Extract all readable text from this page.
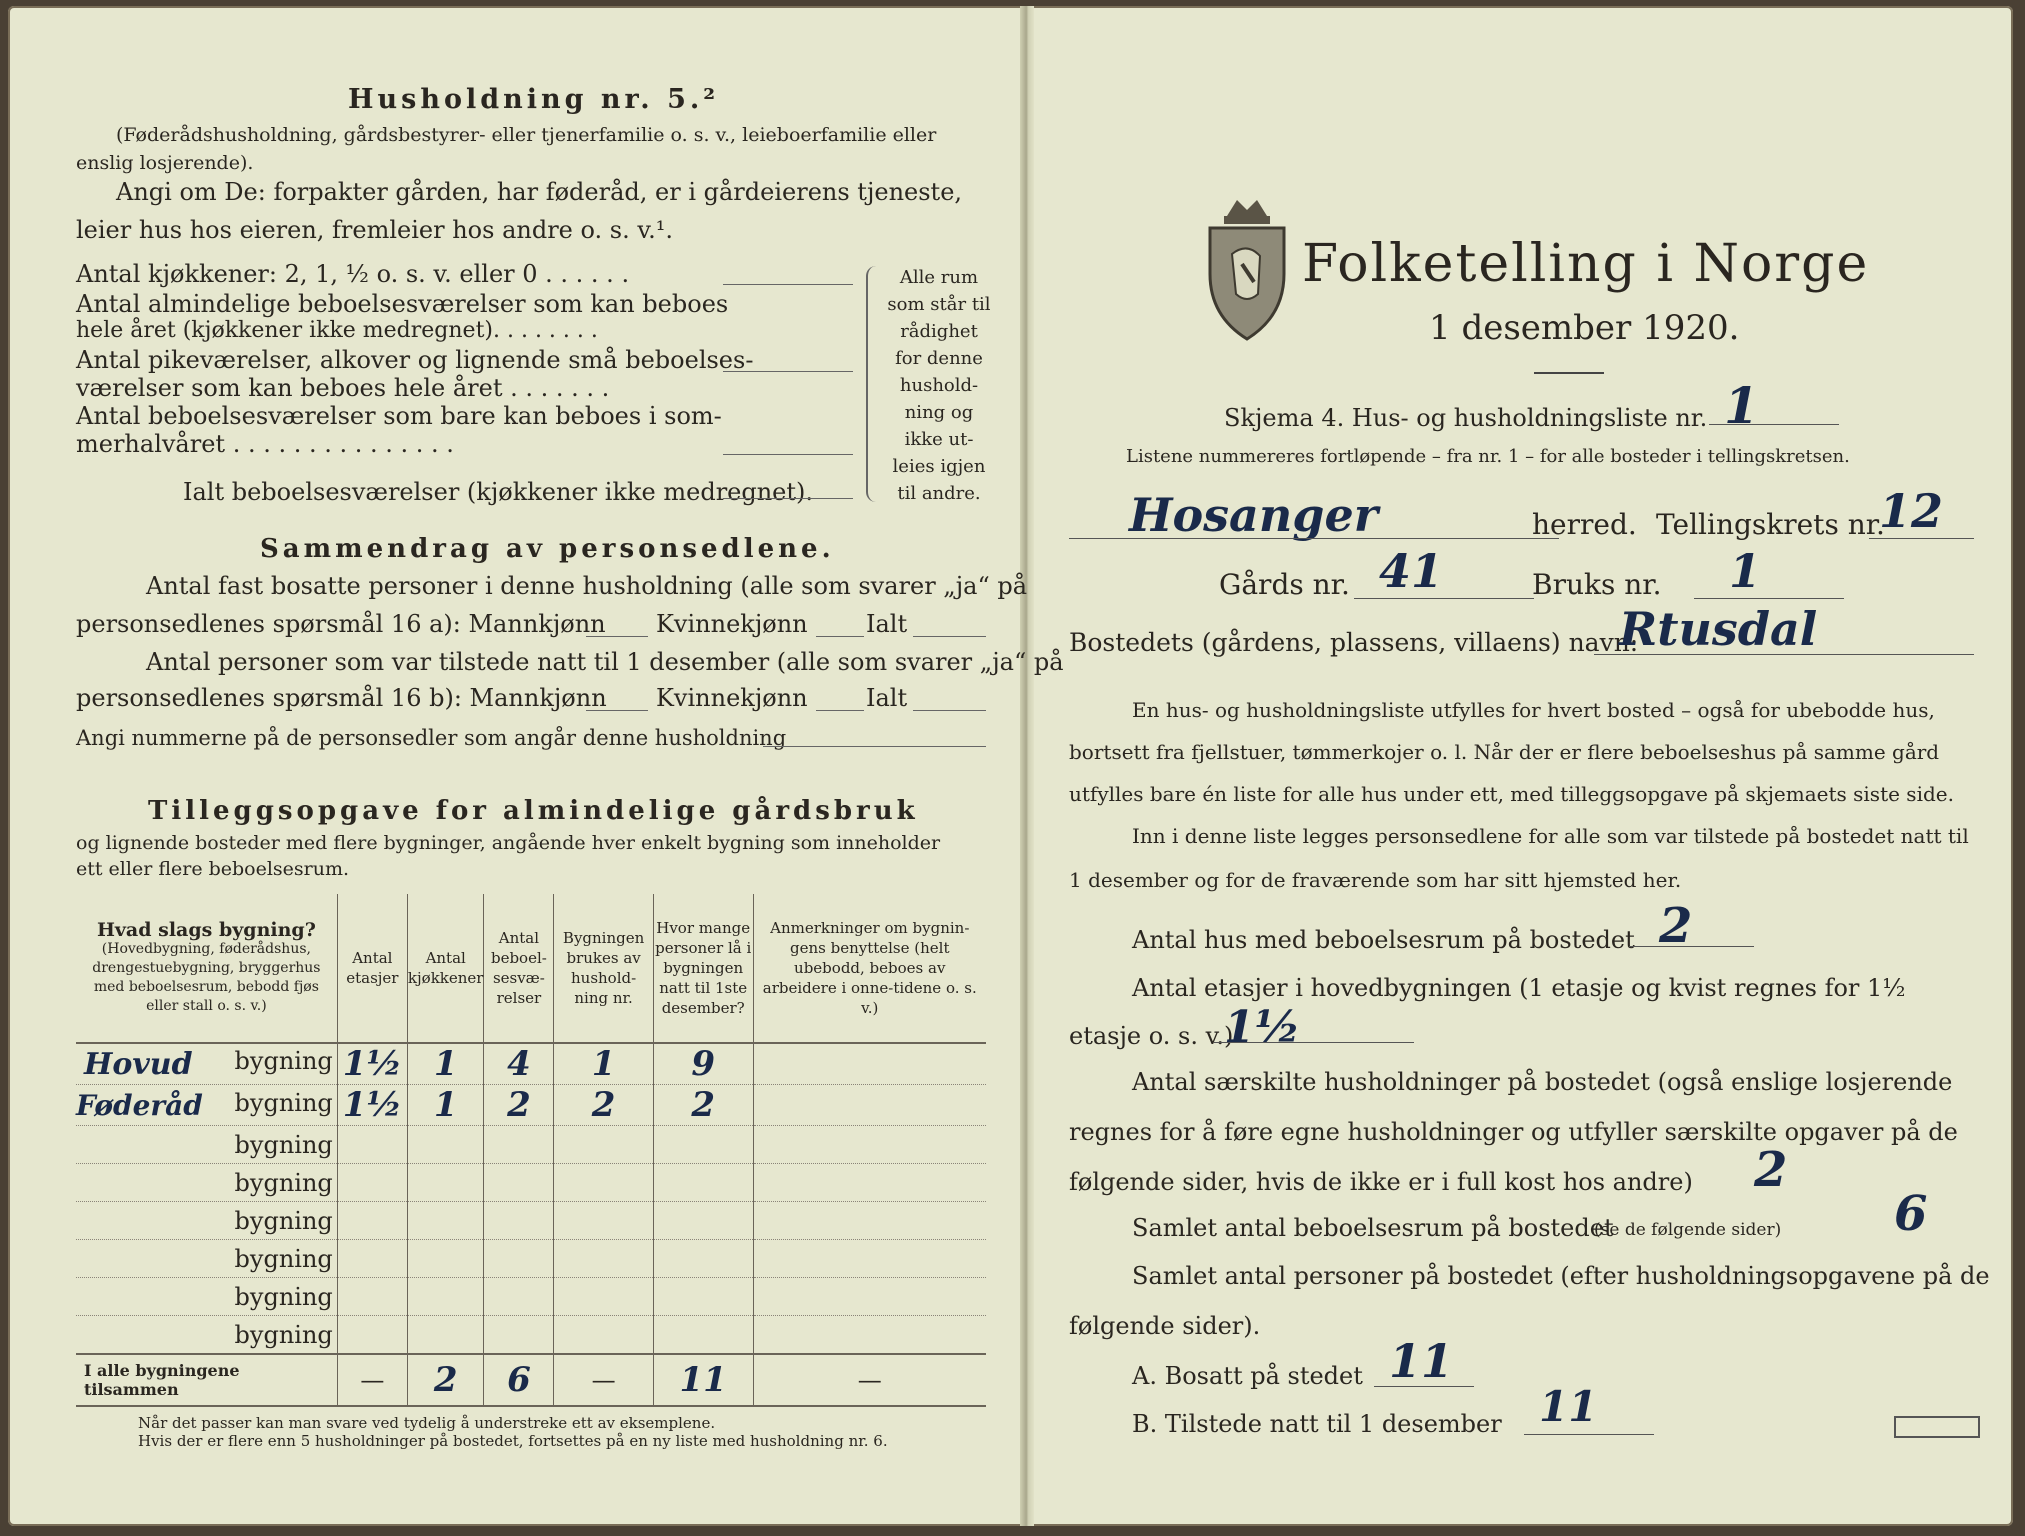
Husholdning nr. 5.²
(Føderådshusholdning, gårdsbestyrer- eller tjenerfamilie o. s. v., leieboerfamilie eller
enslig losjerende).
Angi om De: forpakter gården, har føderåd, er i gårdeierens tjeneste,
leier hus hos eieren, fremleier hos andre o. s. v.¹.
Antal kjøkkener: 2, 1, ½ o. s. v. eller 0 . . . . . .
Antal almindelige beboelsesværelser som kan beboes
hele året (kjøkkener ikke medregnet). . . . . . . .
Antal pikeværelser, alkover og lignende små beboelses-
værelser som kan beboes hele året . . . . . . .
Antal beboelsesværelser som bare kan beboes i som-
merhalvåret . . . . . . . . . . . . . . .
Ialt beboelsesværelser (kjøkkener ikke medregnet).
Alle rum
som står til
rådighet
for denne
hushold-
ning og
ikke ut-
leies igjen
til andre.
Sammendrag av personsedlene.
Antal fast bosatte personer i denne husholdning (alle som svarer „ja“ på
personsedlenes spørsmål 16 a): Mannkjønn Kvinnekjønn Ialt
Antal personer som var tilstede natt til 1 desember (alle som svarer „ja“ på
personsedlenes spørsmål 16 b): Mannkjønn Kvinnekjønn Ialt
Angi nummerne på de personsedler som angår denne husholdning
Tilleggsopgave for almindelige gårdsbruk
og lignende bosteder med flere bygninger, angående hver enkelt bygning som inneholder
ett eller flere beboelsesrum.
Hvad slags bygning?
(Hovedbygning, føderådshus, drengestuebygning, bryggerhus med beboelsesrum, bebodd fjøs eller stall o. s. v.)	Antal etasjer	Antal kjøkkener	Antal beboel-sesvæ-relser	Bygningen brukes av hushold-ning nr.	Hvor mange personer lå i bygningen natt til 1ste desember?	Anmerkninger om bygnin-gens benyttelse (helt ubebodd, beboes av arbeidere i onne-tidene o. s. v.)

Hovud bygning	1½	1	4	1	9	

Føderåd bygning	1½	1	2	2	2	
bygning						
bygning						
bygning						
bygning						
bygning						
bygning						
I alle bygningene tilsammen	—	2	6	—	11	—
Når det passer kan man svare ved tydelig å understreke ett av eksemplene.
Hvis der er flere enn 5 husholdninger på bostedet, fortsettes på en ny liste med husholdning nr. 6.
Folketelling i Norge
1 desember 1920.
Skjema 4. Hus- og husholdningsliste nr. 1
Listene nummereres fortløpende – fra nr. 1 – for alle bosteder i tellingskretsen.
Hosanger	herred. Tellingskrets nr.
12
Gårds nr. 41	Bruks nr. 1
Bostedets (gårdens, plassens, villaens) navn:
Rtusdal
En hus- og husholdningsliste utfylles for hvert bosted – også for ubebodde hus,
bortsett fra fjellstuer, tømmerkojer o. l. Når der er flere beboelseshus på samme gård
utfylles bare én liste for alle hus under ett, med tilleggsopgave på skjemaets siste side.
Inn i denne liste legges personsedlene for alle som var tilstede på bostedet natt til
1 desember og for de fraværende som har sitt hjemsted her.
Antal hus med beboelsesrum på bostedet 2
Antal etasjer i hovedbygningen (1 etasje og kvist regnes for 1½
etasje o. s. v.)
1½
Antal særskilte husholdninger på bostedet (også enslige losjerende
regnes for å føre egne husholdninger og utfyller særskilte opgaver på de
følgende sider, hvis de ikke er i full kost hos andre) 2
Samlet antal beboelsesrum på bostedet
(se de følgende sider) 6
Samlet antal personer på bostedet (efter husholdningsopgavene på de
følgende sider).
A. Bosatt på stedet 11
B. Tilstede natt til 1 desember 11
